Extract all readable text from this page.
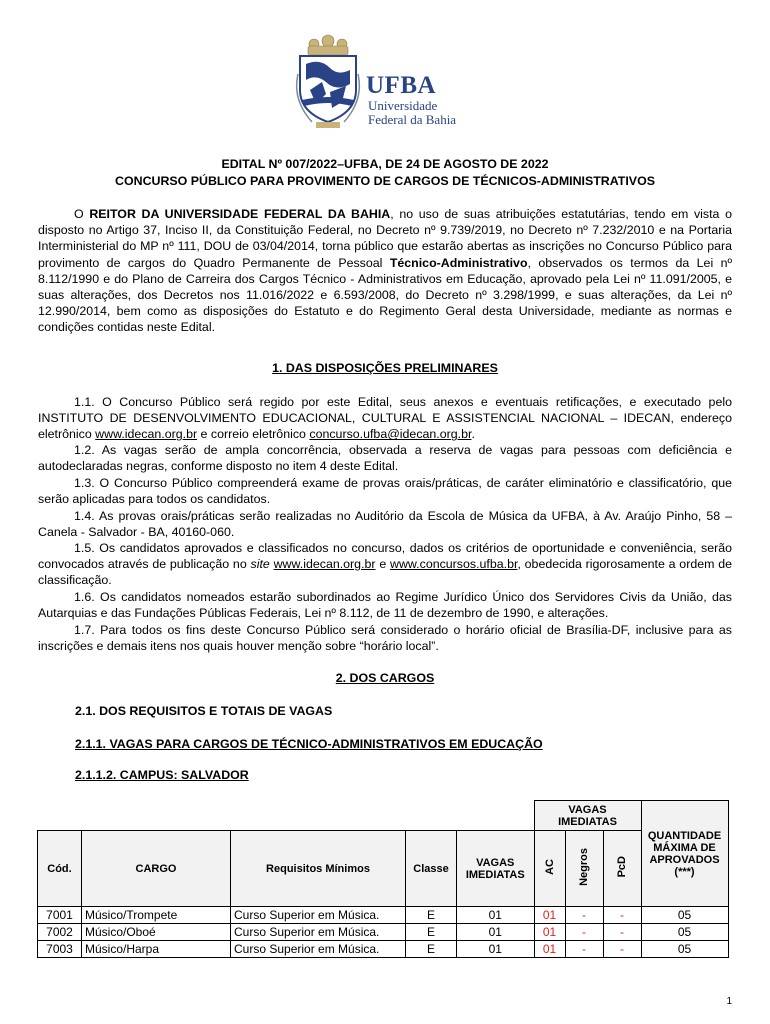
UFBA
Universidade
Federal da Bahia
EDITAL Nº 007/2022–UFBA, DE 24 DE AGOSTO DE 2022
CONCURSO PÚBLICO PARA PROVIMENTO DE CARGOS DE TÉCNICOS-ADMINISTRATIVOS
O REITOR DA UNIVERSIDADE FEDERAL DA BAHIA, no uso de suas atribuições estatutárias, tendo em vista o disposto no Artigo 37, Inciso II, da Constituição Federal, no Decreto nº 9.739/2019, no Decreto nº 7.232/2010 e na Portaria Interministerial do MP nº 111, DOU de 03/04/2014, torna público que estarão abertas as inscrições no Concurso Público para provimento de cargos do Quadro Permanente de Pessoal Técnico-Administrativo, observados os termos da Lei nº 8.112/1990 e do Plano de Carreira dos Cargos Técnico - Administrativos em Educação, aprovado pela Lei nº 11.091/2005, e suas alterações, dos Decretos nos 11.016/2022 e 6.593/2008, do Decreto nº 3.298/1999, e suas alterações, da Lei nº 12.990/2014, bem como as disposições do Estatuto e do Regimento Geral desta Universidade, mediante as normas e condições contidas neste Edital.
1. DAS DISPOSIÇÕES PRELIMINARES
1.1. O Concurso Público será regido por este Edital, seus anexos e eventuais retificações, e executado pelo INSTITUTO DE DESENVOLVIMENTO EDUCACIONAL, CULTURAL E ASSISTENCIAL NACIONAL – IDECAN, endereço eletrônico www.idecan.org.br e correio eletrônico concurso.ufba@idecan.org.br.
1.2. As vagas serão de ampla concorrência, observada a reserva de vagas para pessoas com deficiência e autodeclaradas negras, conforme disposto no item 4 deste Edital.
1.3. O Concurso Público compreenderá exame de provas orais/práticas, de caráter eliminatório e classificatório, que serão aplicadas para todos os candidatos.
1.4. As provas orais/práticas serão realizadas no Auditório da Escola de Música da UFBA, à Av. Araújo Pinho, 58 – Canela - Salvador - BA, 40160-060.
1.5. Os candidatos aprovados e classificados no concurso, dados os critérios de oportunidade e conveniência, serão convocados através de publicação no site www.idecan.org.br e www.concursos.ufba.br, obedecida rigorosamente a ordem de classificação.
1.6. Os candidatos nomeados estarão subordinados ao Regime Jurídico Único dos Servidores Civis da União, das Autarquias e das Fundações Públicas Federais, Lei nº 8.112, de 11 de dezembro de 1990, e alterações.
1.7. Para todos os fins deste Concurso Público será considerado o horário oficial de Brasília-DF, inclusive para as inscrições e demais itens nos quais houver menção sobre “horário local”.
2. DOS CARGOS
2.1. DOS REQUISITOS E TOTAIS DE VAGAS
2.1.1. VAGAS PARA CARGOS DE TÉCNICO-ADMINISTRATIVOS EM EDUCAÇÃO
2.1.1.2. CAMPUS: SALVADOR
					VAGAS IMEDIATAS			QUANTIDADE MÁXIMA DE APROVADOS (***)
Cód.	CARGO	Requisitos Mínimos	Classe	VAGAS IMEDIATAS	AC	Negros	PcD	
7001	Músico/Trompete	Curso Superior em Música.	E	01	01	-	-	05
7002	Músico/Oboé	Curso Superior em Música.	E	01	01	-	-	05
7003	Músico/Harpa	Curso Superior em Música.	E	01	01	-	-	05
1
